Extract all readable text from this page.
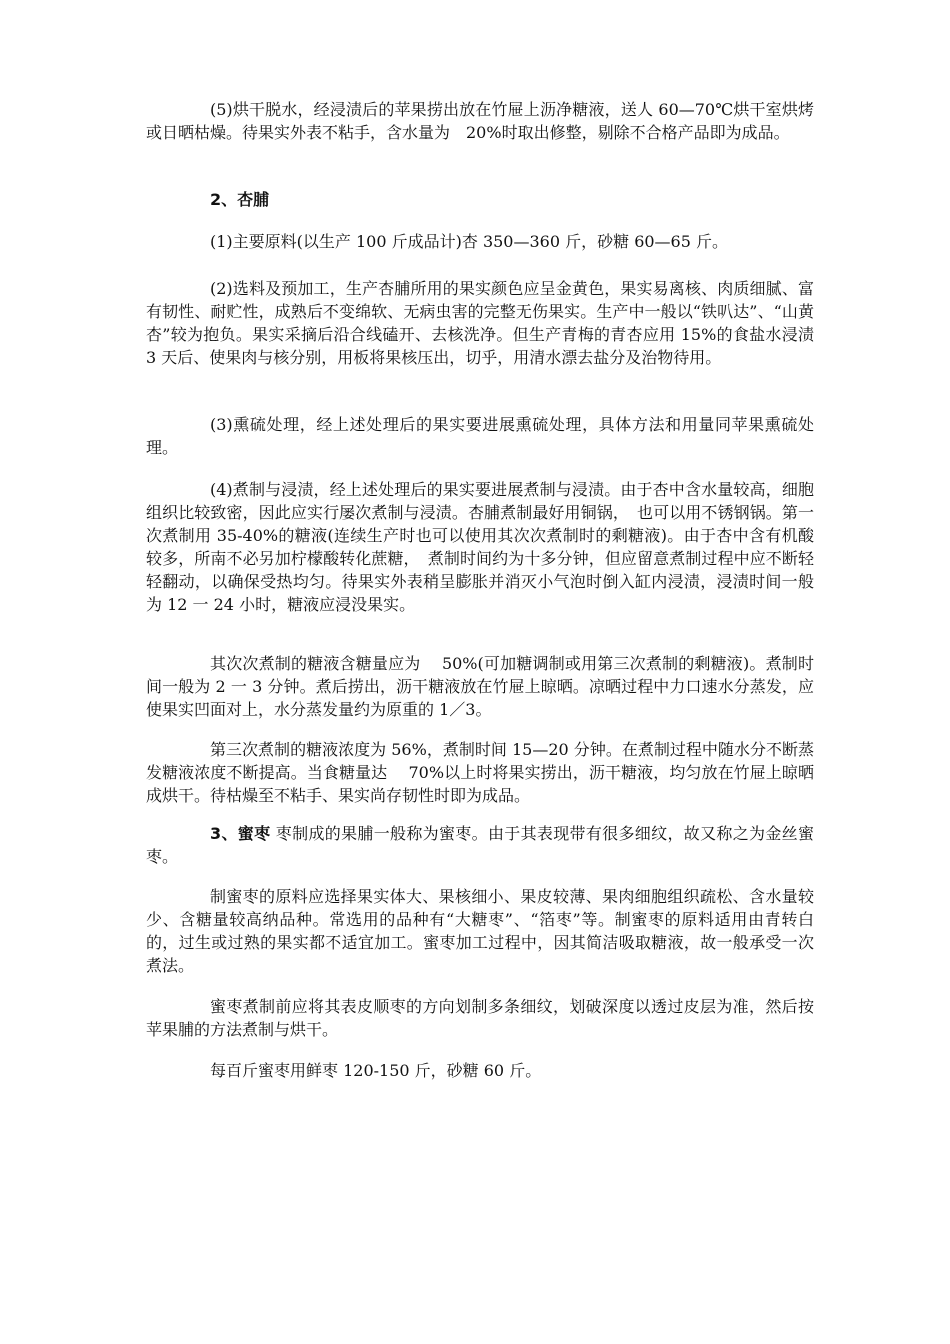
(5)烘干脱水，经浸渍后的苹果捞出放在竹屉上沥净糖液，送人 60—70℃烘干室烘烤或日晒枯燥。待果实外表不粘手，含水量为　20%时取出修整，剔除不合格产品即为成品。

2、杏脯

(1)主要原料(以生产 100 斤成品计)杏 350—360 斤，砂糖 60—65 斤。

(2)选料及预加工，生产杏脯所用的果实颜色应呈金黄色，果实易离核、肉质细腻、富有韧性、耐贮性，成熟后不变绵软、无病虫害的完整无伤果实。生产中一般以“铁叭达”、“山黄杏”较为抱负。果实采摘后沿合线磕开、去核洗净。但生产青梅的青杏应用 15%的食盐水浸渍 3 天后、使果肉与核分别，用板将果核压出，切乎，用清水漂去盐分及治物待用。

(3)熏硫处理，经上述处理后的果实要进展熏硫处理，具体方法和用量同苹果熏硫处理。

(4)煮制与浸渍，经上述处理后的果实要进展煮制与浸渍。由于杏中含水量较高，细胞组织比较致密，因此应实行屡次煮制与浸渍。杏脯煮制最好用铜锅，　也可以用不锈钢锅。第一次煮制用 35-40%的糖液(连续生产时也可以使用其次次煮制时的剩糖液)。由于杏中含有机酸较多，所南不必另加柠檬酸转化蔗糖，　煮制时间约为十多分钟，但应留意煮制过程中应不断轻轻翻动，以确保受热均匀。待果实外表稍呈膨胀并消灭小气泡时倒入缸内浸渍，浸渍时间一般为 12 一 24 小时，糖液应浸没果实。

其次次煮制的糖液含糖量应为　 50%(可加糖调制或用第三次煮制的剩糖液)。煮制时间一般为 2 一 3 分钟。煮后捞出，沥干糖液放在竹屉上晾晒。凉晒过程中力口速水分蒸发，应使果实凹面对上，水分蒸发量约为原重的 1／3。

第三次煮制的糖液浓度为 56%，煮制时间 15—20 分钟。在煮制过程中随水分不断蒸发糖液浓度不断提高。当食糖量达　 70%以上时将果实捞出，沥干糖液，均匀放在竹屉上晾晒成烘干。待枯燥至不粘手、果实尚存韧性时即为成品。

3、蜜枣 枣制成的果脯一般称为蜜枣。由于其表现带有很多细纹，故又称之为金丝蜜枣。

制蜜枣的原料应选择果实体大、果核细小、果皮较薄、果肉细胞组织疏松、含水量较少、含糖量较高纳品种。常选用的品种有“大糖枣”、“箔枣”等。制蜜枣的原料适用由青转白的，过生或过熟的果实都不适宜加工。蜜枣加工过程中，因其简洁吸取糖液，故一般承受一次煮法。

蜜枣煮制前应将其表皮顺枣的方向划制多条细纹，划破深度以透过皮层为准，然后按苹果脯的方法煮制与烘干。

每百斤蜜枣用鲜枣 120-150 斤，砂糖 60 斤。
